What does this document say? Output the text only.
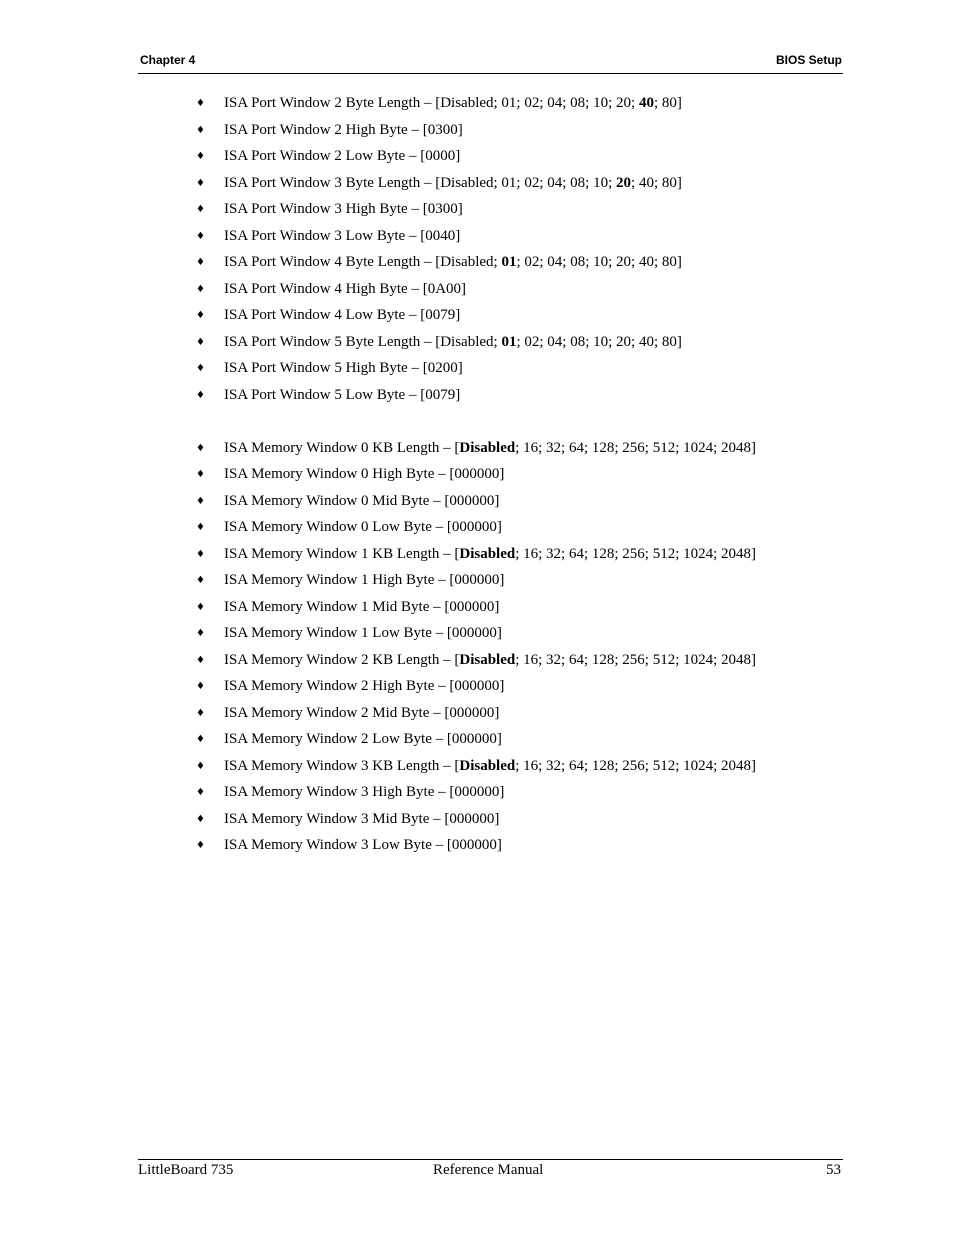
Chapter 4	BIOS Setup
♦ ISA Port Window 2 Byte Length – [Disabled; 01; 02; 04; 08; 10; 20; 40; 80]
♦ ISA Port Window 2 High Byte – [0300]
♦ ISA Port Window 2 Low Byte – [0000]
♦ ISA Port Window 3 Byte Length – [Disabled; 01; 02; 04; 08; 10; 20; 40; 80]
♦ ISA Port Window 3 High Byte – [0300]
♦ ISA Port Window 3 Low Byte – [0040]
♦ ISA Port Window 4 Byte Length – [Disabled; 01; 02; 04; 08; 10; 20; 40; 80]
♦ ISA Port Window 4 High Byte – [0A00]
♦ ISA Port Window 4 Low Byte – [0079]
♦ ISA Port Window 5 Byte Length – [Disabled; 01; 02; 04; 08; 10; 20; 40; 80]
♦ ISA Port Window 5 High Byte – [0200]
♦ ISA Port Window 5 Low Byte – [0079]
♦ ISA Memory Window 0 KB Length – [Disabled; 16; 32; 64; 128; 256; 512; 1024; 2048]
♦ ISA Memory Window 0 High Byte – [000000]
♦ ISA Memory Window 0 Mid Byte – [000000]
♦ ISA Memory Window 0 Low Byte – [000000]
♦ ISA Memory Window 1 KB Length – [Disabled; 16; 32; 64; 128; 256; 512; 1024; 2048]
♦ ISA Memory Window 1 High Byte – [000000]
♦ ISA Memory Window 1 Mid Byte – [000000]
♦ ISA Memory Window 1 Low Byte – [000000]
♦ ISA Memory Window 2 KB Length – [Disabled; 16; 32; 64; 128; 256; 512; 1024; 2048]
♦ ISA Memory Window 2 High Byte – [000000]
♦ ISA Memory Window 2 Mid Byte – [000000]
♦ ISA Memory Window 2 Low Byte – [000000]
♦ ISA Memory Window 3 KB Length – [Disabled; 16; 32; 64; 128; 256; 512; 1024; 2048]
♦ ISA Memory Window 3 High Byte – [000000]
♦ ISA Memory Window 3 Mid Byte – [000000]
♦ ISA Memory Window 3 Low Byte – [000000]
LittleBoard 735	Reference Manual	53
